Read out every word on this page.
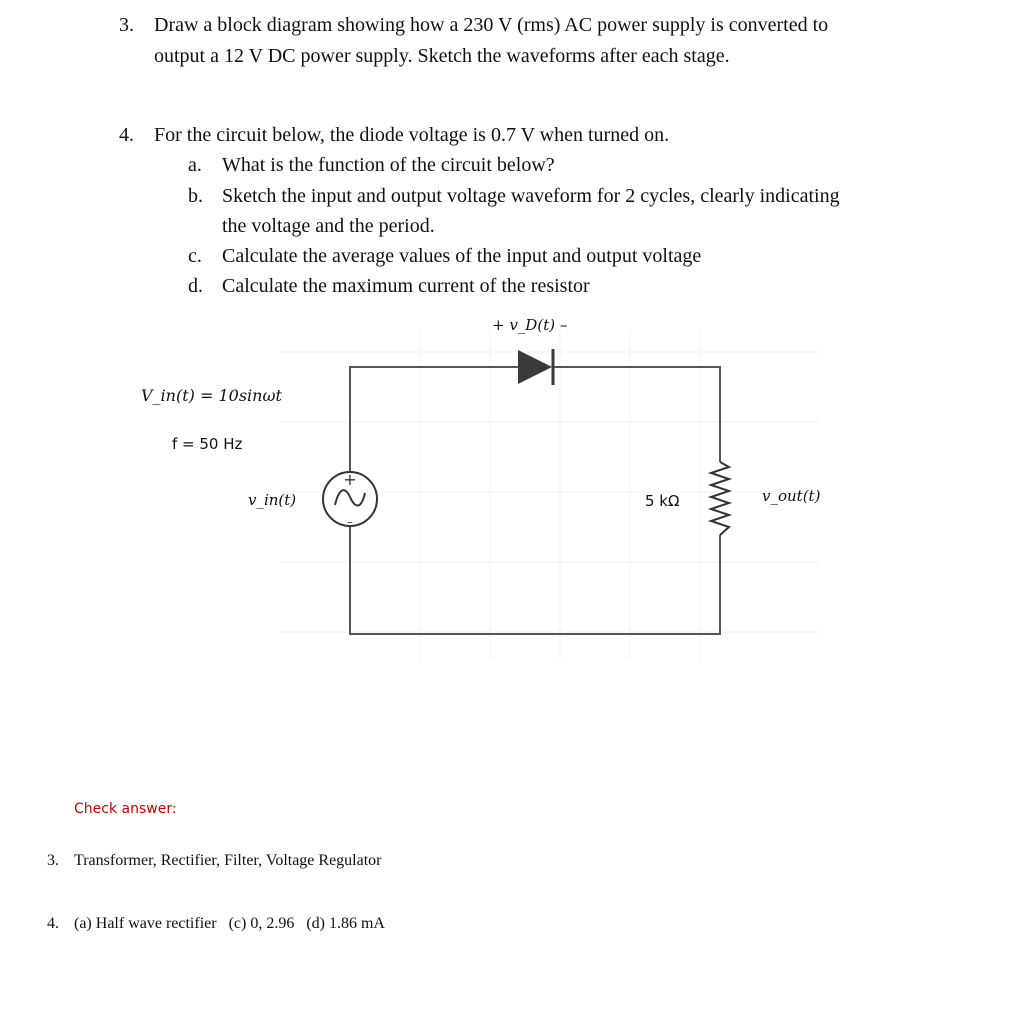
3. Draw a block diagram showing how a 230 V (rms) AC power supply is converted to
output a 12 V DC power supply. Sketch the waveforms after each stage.
4. For the circuit below, the diode voltage is 0.7 V when turned on.
a. What is the function of the circuit below?
b. Sketch the input and output voltage waveform for 2 cycles, clearly indicating
the voltage and the period.
c. Calculate the average values of the input and output voltage
d. Calculate the maximum current of the resistor
+
–
+ v_D(t) –
V_in(t) = 10sinωt
f = 50 Hz
v_in(t)	5 kΩ	v_out(t)
Check answer:
3. Transformer, Rectifier, Filter, Voltage Regulator
4. (a) Half wave rectifier   (c) 0, 2.96   (d) 1.86 mA
